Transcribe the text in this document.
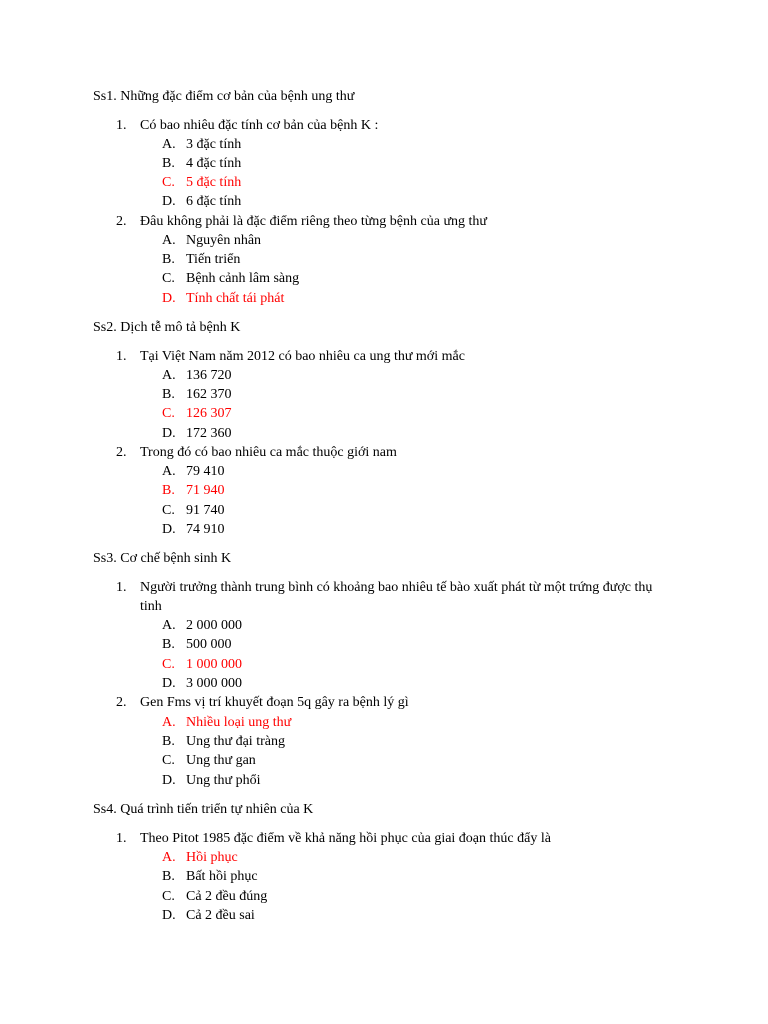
Ss1. Những đặc điểm cơ bản của bệnh ung thư
1. Có bao nhiêu đặc tính cơ bản của bệnh K :
A. 3 đặc tính
B. 4 đặc tính
C. 5 đặc tính
D. 6 đặc tính
2. Đâu không phải là đặc điểm riêng theo từng bệnh của ưng thư
A. Nguyên nhân
B. Tiến triển
C. Bệnh cảnh lâm sàng
D. Tính chất tái phát
Ss2. Dịch tễ mô tả bệnh K
1. Tại Việt Nam năm 2012 có bao nhiêu ca ung thư mới mắc
A. 136 720
B. 162 370
C. 126 307
D. 172 360
2. Trong đó có bao nhiêu ca mắc thuộc giới nam
A. 79 410
B. 71 940
C. 91 740
D. 74 910
Ss3. Cơ chế bệnh sinh K
1. Người trưởng thành trung bình có khoảng bao nhiêu tế bào xuất phát từ một trứng được thụ tinh
A. 2 000 000
B. 500 000
C. 1 000 000
D. 3 000 000
2. Gen Fms vị trí khuyết đoạn 5q gây ra bệnh lý gì
A. Nhiều loại ung thư
B. Ung thư đại tràng
C. Ung thư gan
D. Ung thư phổi
Ss4. Quá trình tiến triển tự nhiên của K
1. Theo Pitot 1985 đặc điểm về khả năng hồi phục của giai đoạn thúc đẩy là
A. Hồi phục
B. Bất hồi phục
C. Cả 2 đều đúng
D. Cả 2 đều sai
